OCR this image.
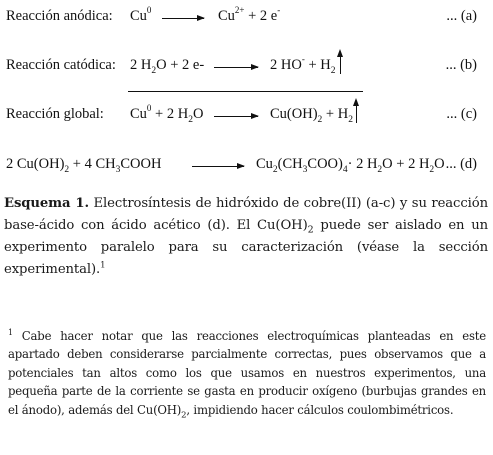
Reacción anódica: $Cu^0 \to Cu^{2+} + 2$ e-	... (a)
Reacción catódica: 2 $H_2O + 2$ e- → 2 $HO^- + H_2$	... (b)
Reacción global: $Cu^0 + 2$ $H_2O \to Cu(OH)_2 + H_2$	... (c)
2 $Cu(OH)_2 + 4$ $CH_3COOH \to Cu_2(CH_3COO)_4\cdot 2$ $H_2O + 2$ $H_2O$ ... (d)
Esquema 1. Electrosíntesis de hidróxido de cobre(II) (a-c) y su reacción base-ácido con ácido acético (d). El $Cu(OH)_2$ puede ser aislado en un experimento paralelo para su caracterización (véase la sección experimental).$^1$
$^1$ Cabe hacer notar que las reacciones electroquímicas planteadas en este apartado deben considerarse parcialmente correctas, pues observamos que a potenciales tan altos como los que usamos en nuestros experimentos, una pequeña parte de la corriente se gasta en producir oxígeno (burbujas grandes en el ánodo), además del $Cu(OH)_2$, impidiendo hacer cálculos coulombimétricos.
